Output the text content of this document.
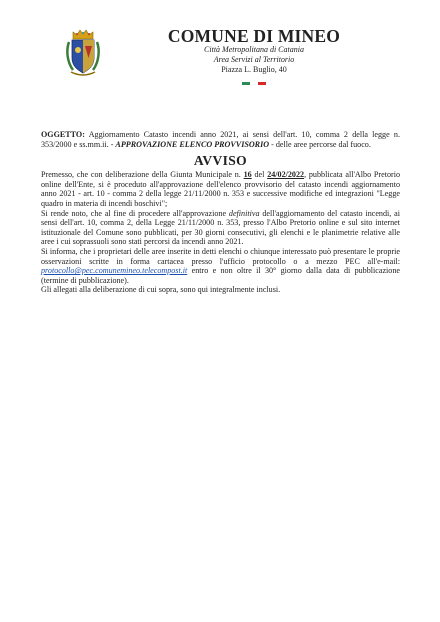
COMUNE DI MINEO
Città Metropolitana di Catania
Area Servizi al Territorio
Piazza L. Buglio, 40

OGGETTO: Aggiornamento Catasto incendi anno 2021, ai sensi dell'art. 10, comma 2 della legge n. 353/2000 e ss.mm.ii. - APPROVAZIONE ELENCO PROVVISORIO - delle aree percorse dal fuoco.

AVVISO

Premesso, che con deliberazione della Giunta Municipale n. 16 del 24/02/2022, pubblicata all'Albo Pretorio online dell'Ente, si è proceduto all'approvazione dell'elenco provvisorio del catasto incendi aggiornamento anno 2021 - art. 10 - comma 2 della legge 21/11/2000 n. 353 e successive modifiche ed integrazioni "Legge quadro in materia di incendi boschivi";

Si rende noto, che al fine di procedere all'approvazione definitiva dell'aggiornamento del catasto incendi, ai sensi dell'art. 10, comma 2, della Legge 21/11/2000 n. 353, presso l'Albo Pretorio online e sul sito internet istituzionale del Comune sono pubblicati, per 30 giorni consecutivi, gli elenchi e le planimetrie relative alle aree i cui soprassuoli sono stati percorsi da incendi anno 2021.

Si informa, che i proprietari delle aree inserite in detti elenchi o chiunque interessato può presentare le proprie osservazioni scritte in forma cartacea presso l'ufficio protocollo o a mezzo PEC all'e-mail: protocollo@pec.comunemineo.telecompost.it entro e non oltre il 30° giorno dalla data di pubblicazione (termine di pubblicazione).

Gli allegati alla deliberazione di cui sopra, sono qui integralmente inclusi.
